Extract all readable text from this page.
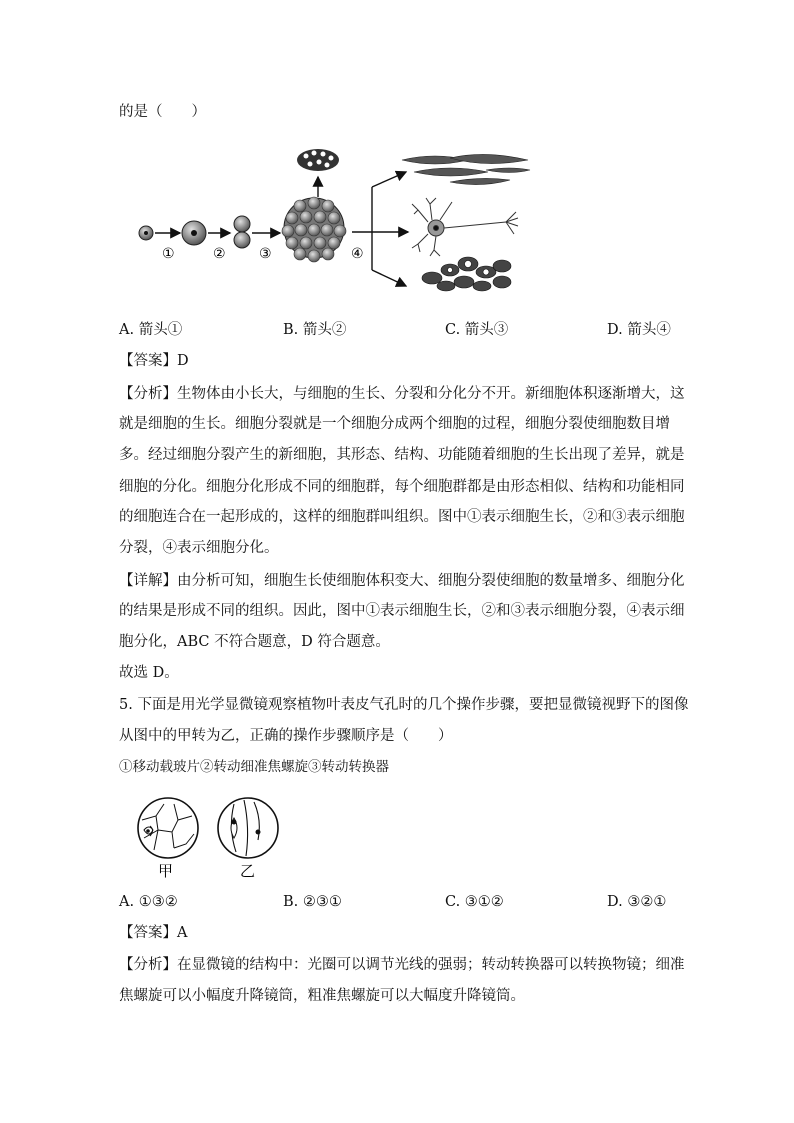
的是（　　）
①	② ③	④
A. 箭头①	B. 箭头②	C. 箭头③	D. 箭头④
【答案】D
【分析】生物体由小长大，与细胞的生长、分裂和分化分不开。新细胞体积逐渐增大，这
就是细胞的生长。细胞分裂就是一个细胞分成两个细胞的过程，细胞分裂使细胞数目增
多。经过细胞分裂产生的新细胞，其形态、结构、功能随着细胞的生长出现了差异，就是
细胞的分化。细胞分化形成不同的细胞群，每个细胞群都是由形态相似、结构和功能相同
的细胞连合在一起形成的，这样的细胞群叫组织。图中①表示细胞生长，②和③表示细胞
分裂，④表示细胞分化。
【详解】由分析可知，细胞生长使细胞体积变大、细胞分裂使细胞的数量增多、细胞分化
的结果是形成不同的组织。因此，图中①表示细胞生长，②和③表示细胞分裂，④表示细
胞分化，ABC 不符合题意，D 符合题意。
故选 D。
5. 下面是用光学显微镜观察植物叶表皮气孔时的几个操作步骤，要把显微镜视野下的图像
从图中的甲转为乙，正确的操作步骤顺序是（　　）
①移动载玻片②转动细准焦螺旋③转动转换器
甲	乙
A. ①③②	B. ②③①	C. ③①②	D. ③②①
【答案】A
【分析】在显微镜的结构中：光圈可以调节光线的强弱；转动转换器可以转换物镜；细准
焦螺旋可以小幅度升降镜筒，粗准焦螺旋可以大幅度升降镜筒。
